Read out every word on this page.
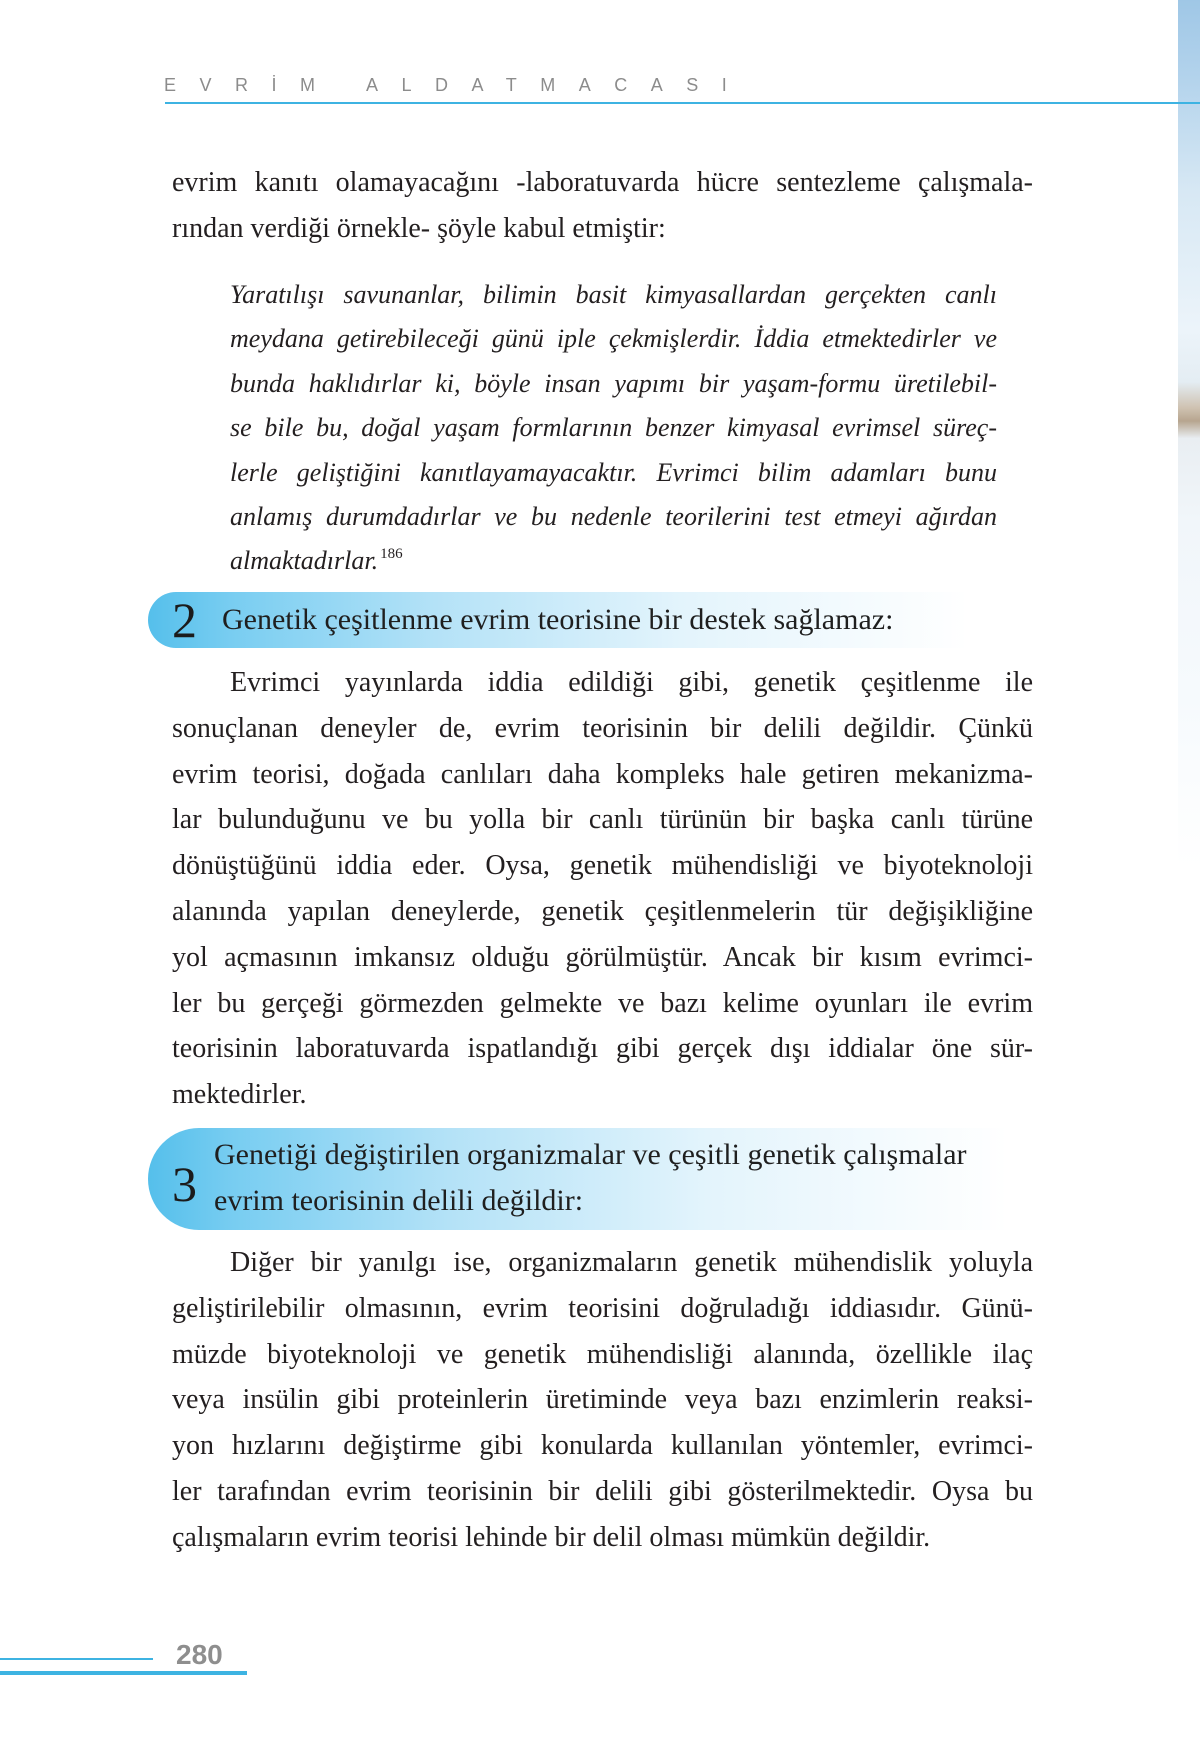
EVRİM ALDATMACASI
evrim kanıtı olamayacağını -laboratuvarda hücre sentezleme çalışmala-
rından verdiği örnekle- şöyle kabul etmiştir:
Yaratılışı savunanlar, bilimin basit kimyasallardan gerçekten canlı
meydana getirebileceği günü iple çekmişlerdir. İddia etmektedirler ve
bunda haklıdırlar ki, böyle insan yapımı bir yaşam-formu üretilebil-
se bile bu, doğal yaşam formlarının benzer kimyasal evrimsel süreç-
lerle geliştiğini kanıtlayamayacaktır. Evrimci bilim adamları bunu
anlamış durumdadırlar ve bu nedenle teorilerini test etmeyi ağırdan
almaktadırlar. $^{186}$
2 Genetik çeşitlenme evrim teorisine bir destek sağlamaz:
Evrimci yayınlarda iddia edildiği gibi, genetik çeşitlenme ile
sonuçlanan deneyler de, evrim teorisinin bir delili değildir. Çünkü
evrim teorisi, doğada canlıları daha kompleks hale getiren mekanizma-
lar bulunduğunu ve bu yolla bir canlı türünün bir başka canlı türüne
dönüştüğünü iddia eder. Oysa, genetik mühendisliği ve biyoteknoloji
alanında yapılan deneylerde, genetik çeşitlenmelerin tür değişikliğine
yol açmasının imkansız olduğu görülmüştür. Ancak bir kısım evrimci-
ler bu gerçeği görmezden gelmekte ve bazı kelime oyunları ile evrim
teorisinin laboratuvarda ispatlandığı gibi gerçek dışı iddialar öne sür-
mektedirler.
3
Genetiği değiştirilen organizmalar ve çeşitli genetik çalışmalar
evrim teorisinin delili değildir:
Diğer bir yanılgı ise, organizmaların genetik mühendislik yoluyla
geliştirilebilir olmasının, evrim teorisini doğruladığı iddiasıdır. Günü-
müzde biyoteknoloji ve genetik mühendisliği alanında, özellikle ilaç
veya insülin gibi proteinlerin üretiminde veya bazı enzimlerin reaksi-
yon hızlarını değiştirme gibi konularda kullanılan yöntemler, evrimci-
ler tarafından evrim teorisinin bir delili gibi gösterilmektedir. Oysa bu
çalışmaların evrim teorisi lehinde bir delil olması mümkün değildir.
280
